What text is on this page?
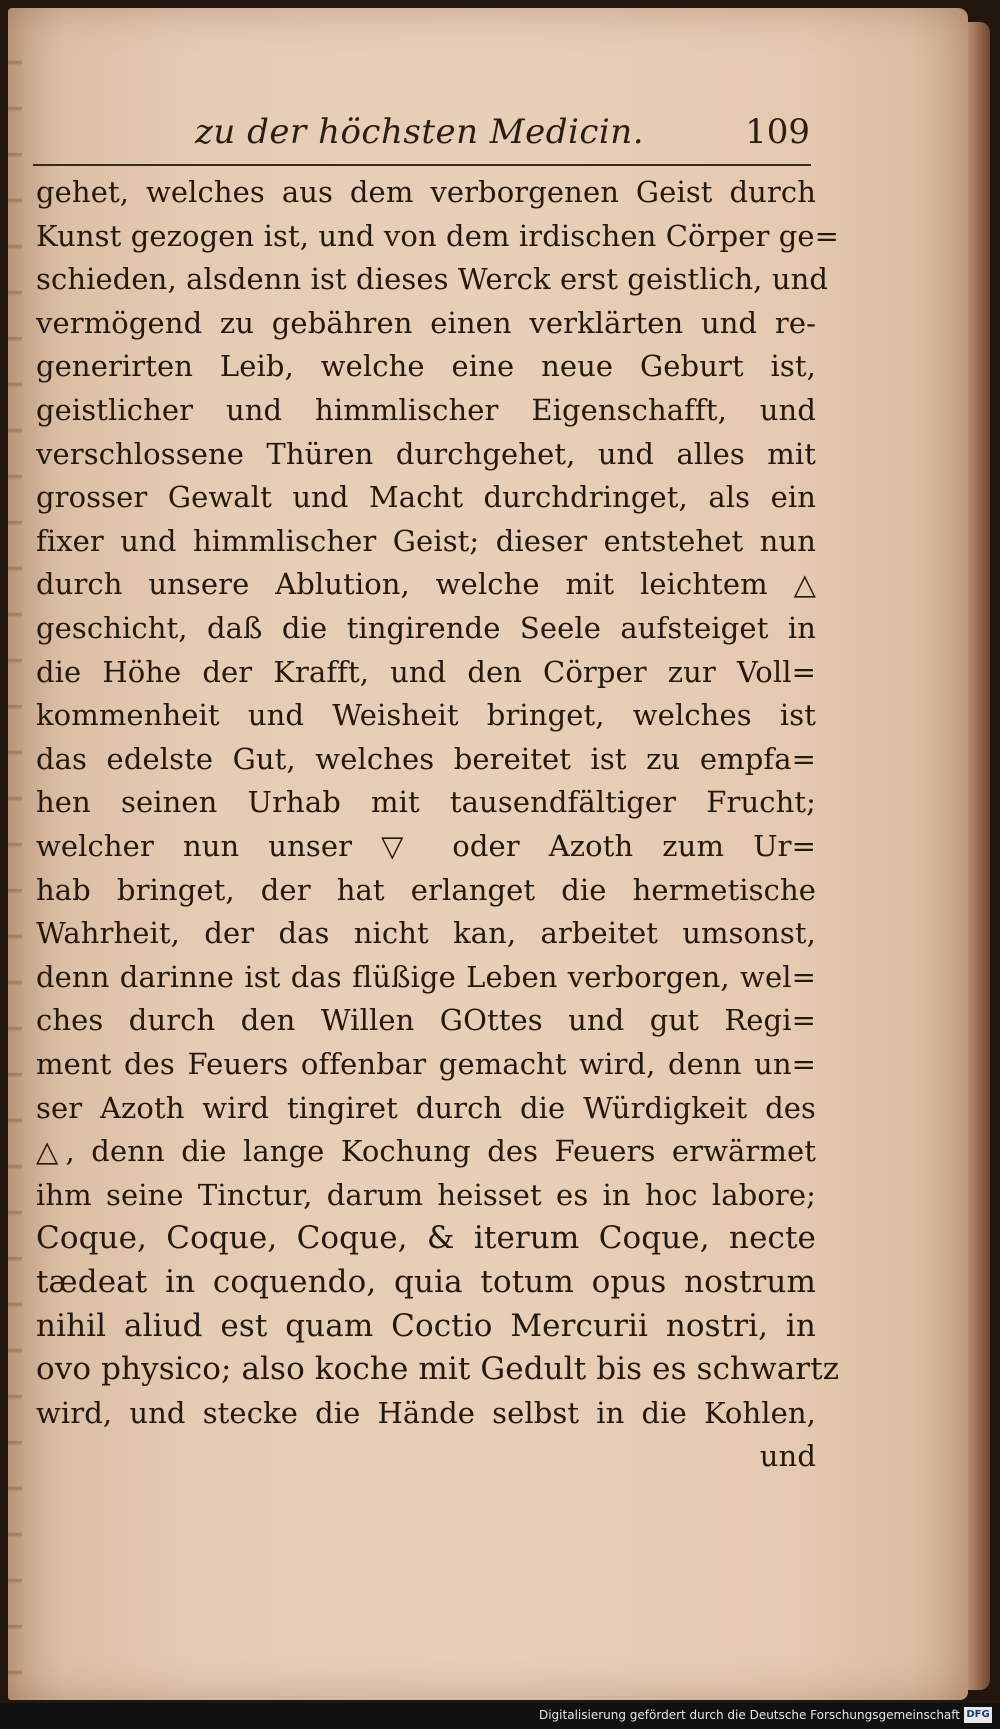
zu der höchsten Medicin.	109
gehet, welches aus dem verborgenen Geist durch
Kunst gezogen ist, und von dem irdischen Cörper ge=
schieden, alsdenn ist dieses Werck erst geistlich, und
vermögend zu gebähren einen verklärten und re-
generirten Leib, welche eine neue Geburt ist,
geistlicher und himmlischer Eigenschafft, und
verschlossene Thüren durchgehet, und alles mit
grosser Gewalt und Macht durchdringet, als ein
fixer und himmlischer Geist; dieser entstehet nun
durch unsere Ablution, welche mit leichtem △
geschicht, daß die tingirende Seele aufsteiget in
die Höhe der Krafft, und den Cörper zur Voll=
kommenheit und Weisheit bringet, welches ist
das edelste Gut, welches bereitet ist zu empfa=
hen seinen Urhab mit tausendfältiger Frucht;
welcher nun unser ▽ oder Azoth zum Ur=
hab bringet, der hat erlanget die hermetische
Wahrheit, der das nicht kan, arbeitet umsonst,
denn darinne ist das flüßige Leben verborgen, wel=
ches durch den Willen GOttes und gut Regi=
ment des Feuers offenbar gemacht wird, denn un=
ser Azoth wird tingiret durch die Würdigkeit des
△, denn die lange Kochung des Feuers erwärmet
ihm seine Tinctur, darum heisset es in hoc labore;
Coque, Coque, Coque, & iterum Coque, necte
tædeat in coquendo, quia totum opus nostrum
nihil aliud est quam Coctio Mercurii nostri, in
ovo physico; also koche mit Gedult bis es schwartz
wird, und stecke die Hände selbst in die Kohlen,
und
Digitalisierung gefördert durch die Deutsche Forschungsgemeinschaft DFG
